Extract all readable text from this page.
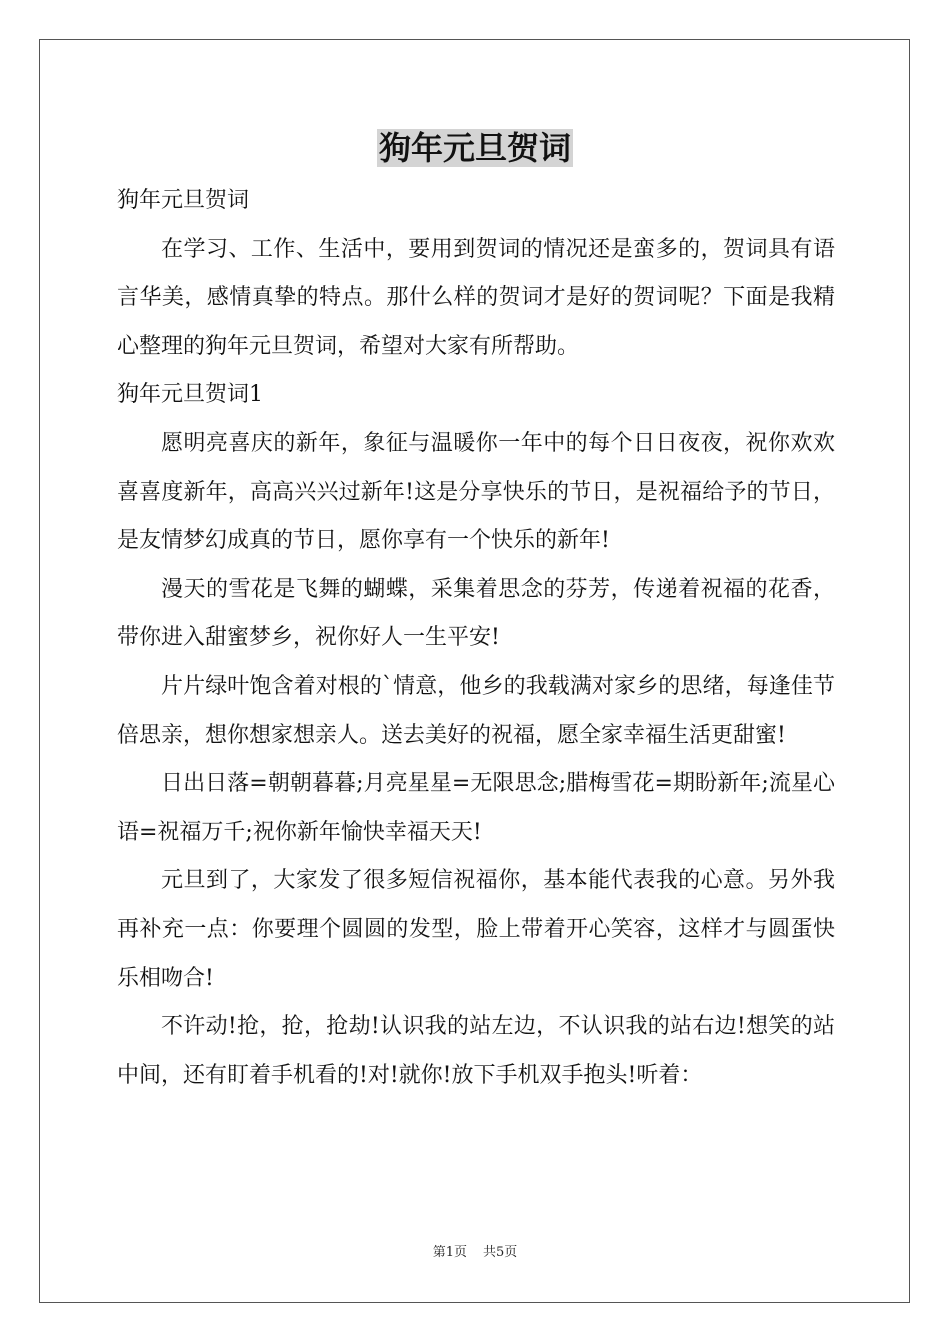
狗年元旦贺词

狗年元旦贺词

在学习、工作、生活中，要用到贺词的情况还是蛮多的，贺词具有语言华美，感情真挚的特点。那什么样的贺词才是好的贺词呢？下面是我精心整理的狗年元旦贺词，希望对大家有所帮助。

狗年元旦贺词1

愿明亮喜庆的新年，象征与温暖你一年中的每个日日夜夜，祝你欢欢喜喜度新年，高高兴兴过新年!这是分享快乐的节日，是祝福给予的节日，是友情梦幻成真的节日，愿你享有一个快乐的新年!

漫天的雪花是飞舞的蝴蝶，采集着思念的芬芳，传递着祝福的花香，带你进入甜蜜梦乡，祝你好人一生平安!

片片绿叶饱含着对根的`情意，他乡的我载满对家乡的思绪，每逢佳节倍思亲，想你想家想亲人。送去美好的祝福，愿全家幸福生活更甜蜜!

日出日落=朝朝暮暮;月亮星星=无限思念;腊梅雪花=期盼新年;流星心语=祝福万千;祝你新年愉快幸福天天!

元旦到了，大家发了很多短信祝福你，基本能代表我的心意。另外我再补充一点：你要理个圆圆的发型，脸上带着开心笑容，这样才与圆蛋快乐相吻合!

不许动!抢，抢，抢劫!认识我的站左边，不认识我的站右边!想笑的站中间，还有盯着手机看的!对!就你!放下手机双手抱头!听着：

第1页 共5页
